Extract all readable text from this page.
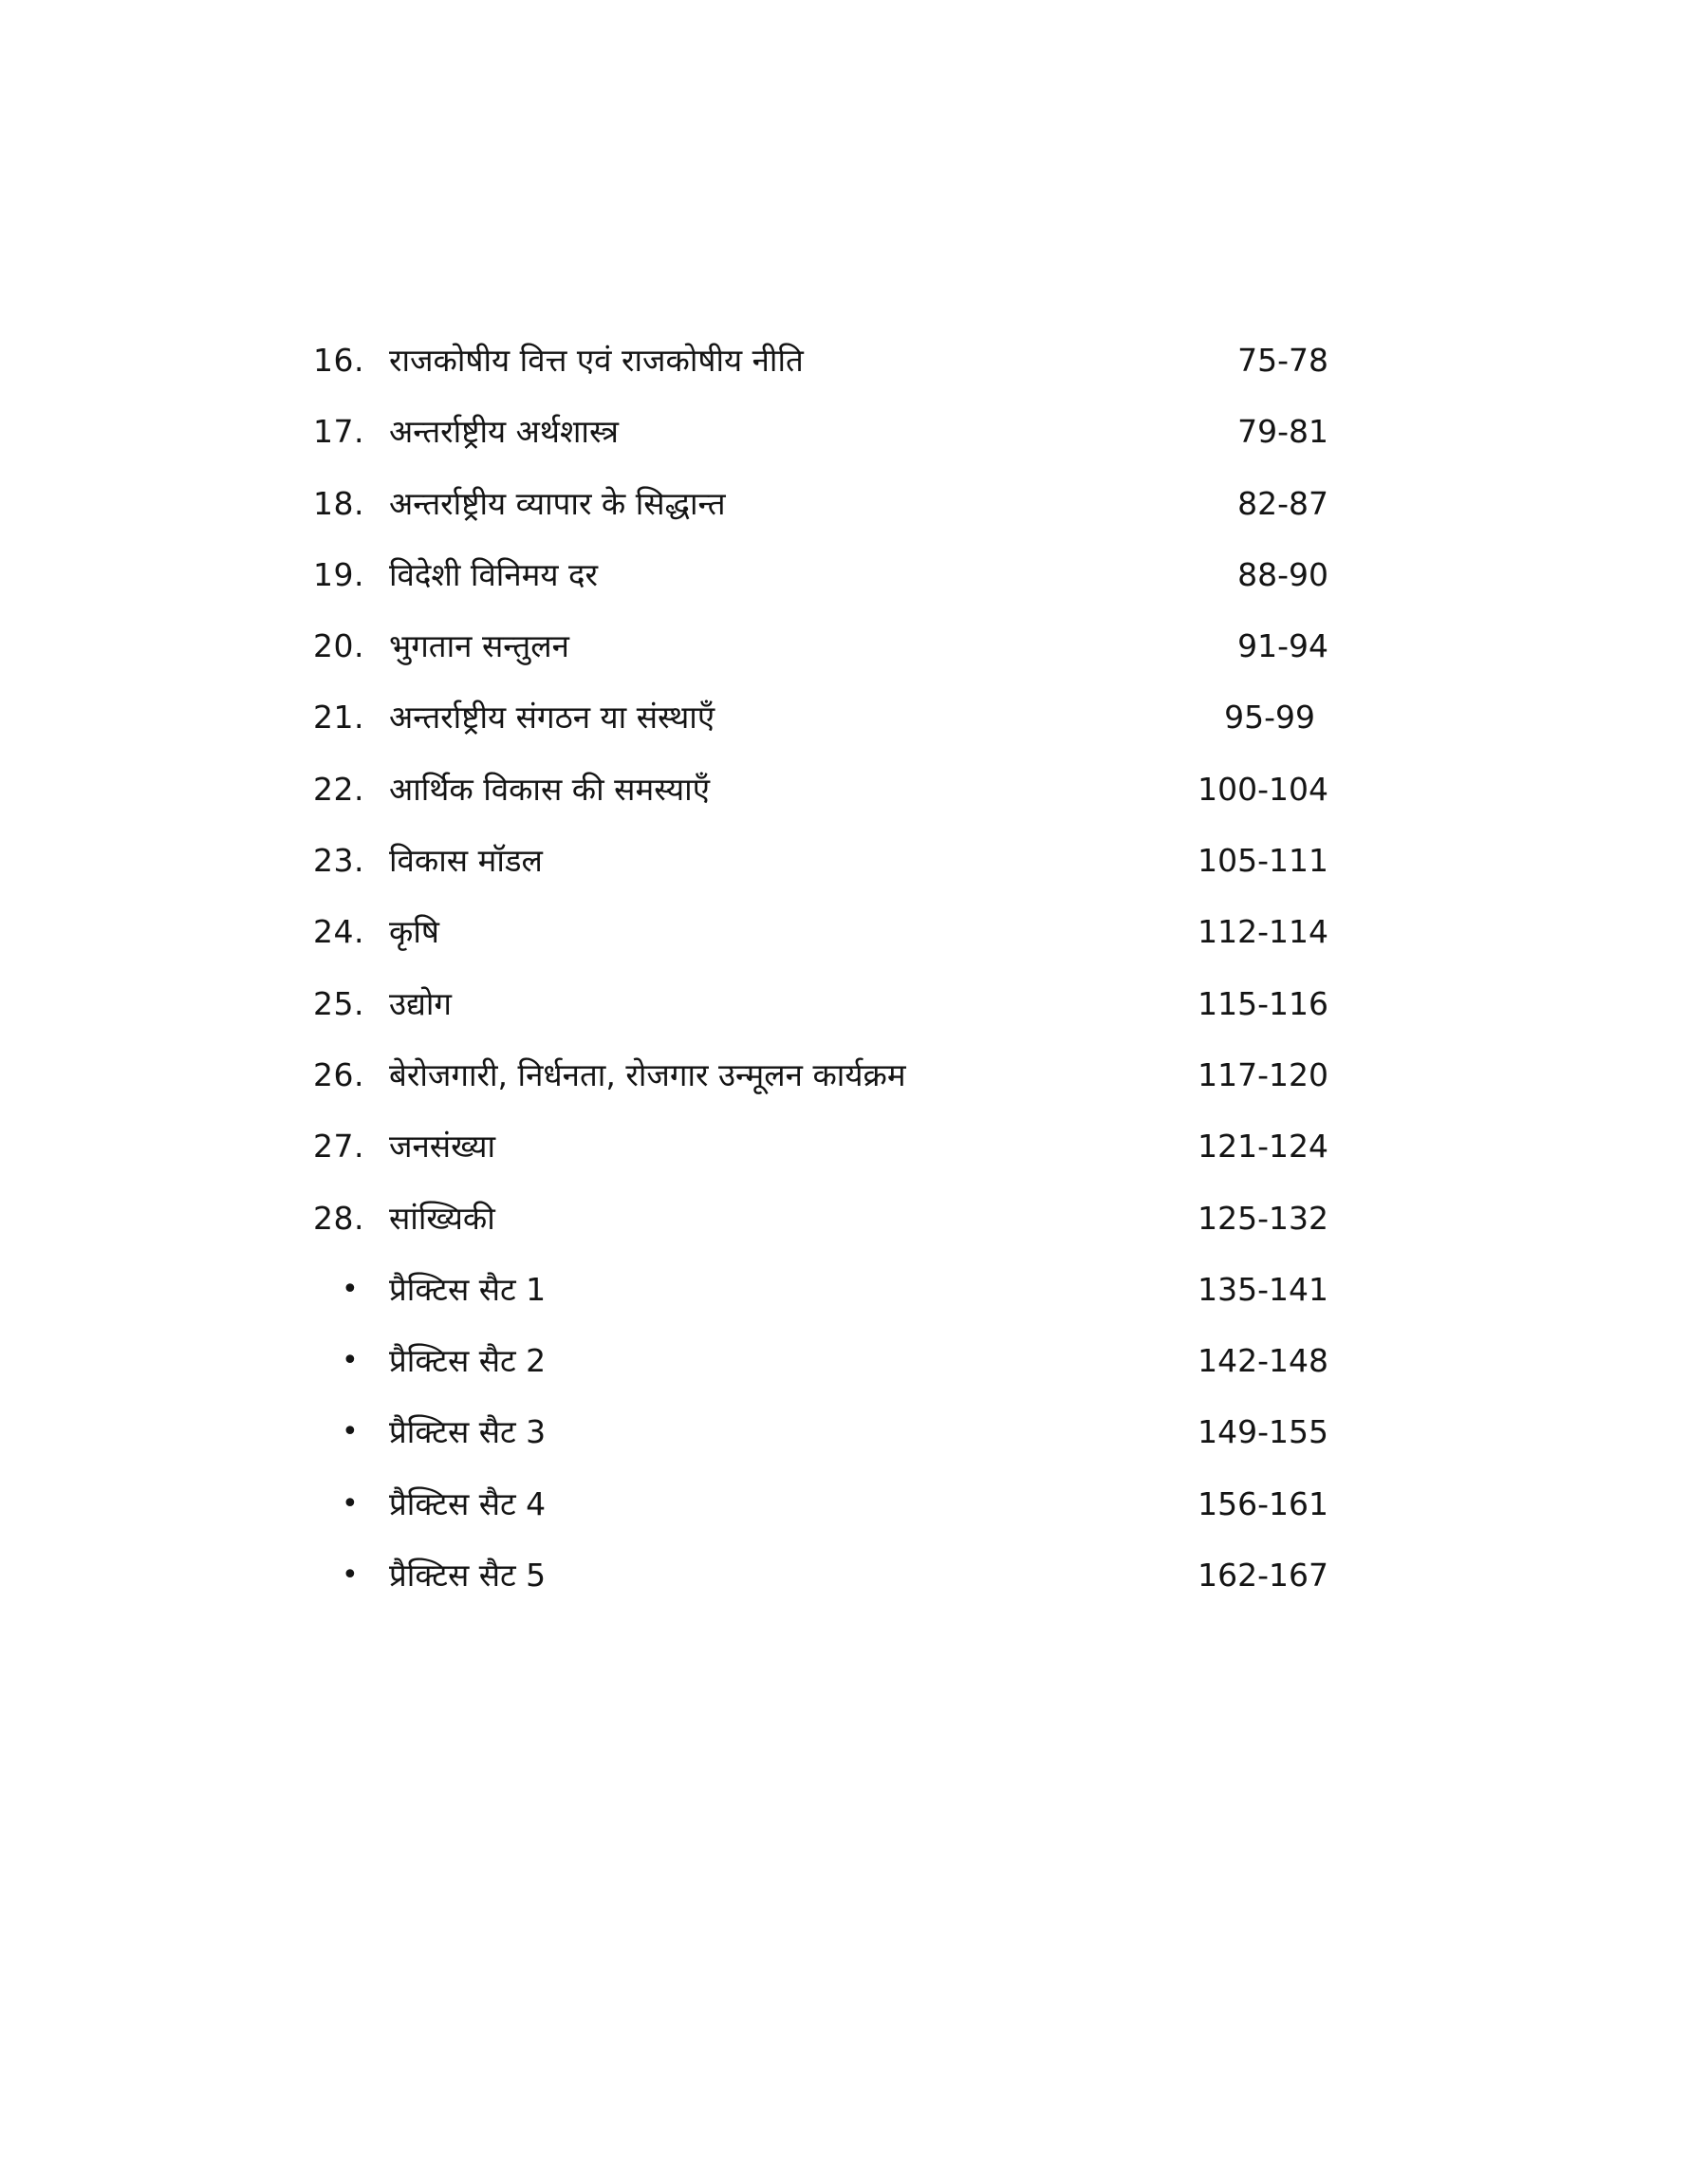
16. राजकोषीय वित्त एवं राजकोषीय नीति	75-78
17. अन्तर्राष्ट्रीय अर्थशास्त्र	79-81
18. अन्तर्राष्ट्रीय व्यापार के सिद्धान्त	82-87
19. विदेशी विनिमय दर	88-90
20. भुगतान सन्तुलन	91-94
21. अन्तर्राष्ट्रीय संगठन या संस्थाएँ	95-99
22. आर्थिक विकास की समस्याएँ	100-104
23. विकास मॉडल	105-111
24. कृषि	112-114
25. उद्योग	115-116
26. बेरोजगारी, निर्धनता, रोजगार उन्मूलन कार्यक्रम	117-120
27. जनसंख्या	121-124
28. सांख्यिकी	125-132
• प्रैक्टिस सैट 1	135-141
• प्रैक्टिस सैट 2	142-148
• प्रैक्टिस सैट 3	149-155
• प्रैक्टिस सैट 4	156-161
• प्रैक्टिस सैट 5	162-167
